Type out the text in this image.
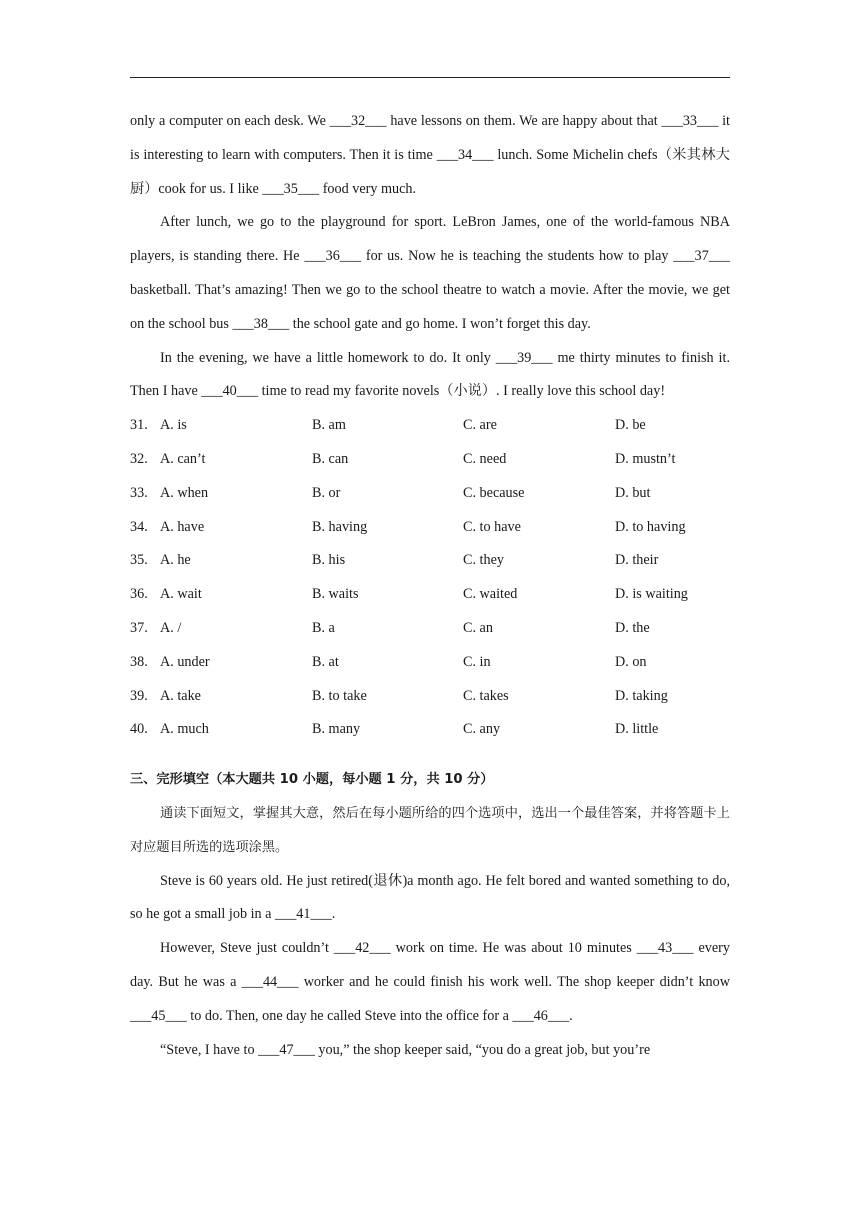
only a computer on each desk. We ___32___ have lessons on them. We are happy about that ___33___ it is interesting to learn with computers. Then it is time ___34___ lunch. Some Michelin chefs（米其林大厨）cook for us. I like ___35___ food very much.

After lunch, we go to the playground for sport. LeBron James, one of the world-famous NBA players, is standing there. He ___36___ for us. Now he is teaching the students how to play ___37___ basketball. That’s amazing! Then we go to the school theatre to watch a movie. After the movie, we get on the school bus ___38___ the school gate and go home. I won’t forget this day.

In the evening, we have a little homework to do. It only ___39___ me thirty minutes to finish it. Then I have ___40___ time to read my favorite novels（小说）. I really love this school day!

31. A. is	B. am	C. are	D. be
32. A. can’t	B. can	C. need	D. mustn’t
33. A. when	B. or	C. because	D. but
34. A. have	B. having	C. to have	D. to having
35. A. he	B. his	C. they	D. their
36. A. wait	B. waits	C. waited	D. is waiting
37. A. /	B. a	C. an	D. the
38. A. under	B. at	C. in	D. on
39. A. take	B. to take	C. takes	D. taking
40. A. much	B. many	C. any	D. little

三、完形填空（本大题共 10 小题，每小题 1 分，共 10 分）

通读下面短文，掌握其大意，然后在每小题所给的四个选项中，选出一个最佳答案，并将答题卡上对应题目所选的选项涂黑。

Steve is 60 years old. He just retired(退休)a month ago. He felt bored and wanted something to do, so he got a small job in a ___41___.

However, Steve just couldn’t ___42___ work on time. He was about 10 minutes ___43___ every day. But he was a ___44___ worker and he could finish his work well. The shop keeper didn’t know ___45___ to do. Then, one day he called Steve into the office for a ___46___.

“Steve, I have to ___47___ you,” the shop keeper said, “you do a great job, but you’re
